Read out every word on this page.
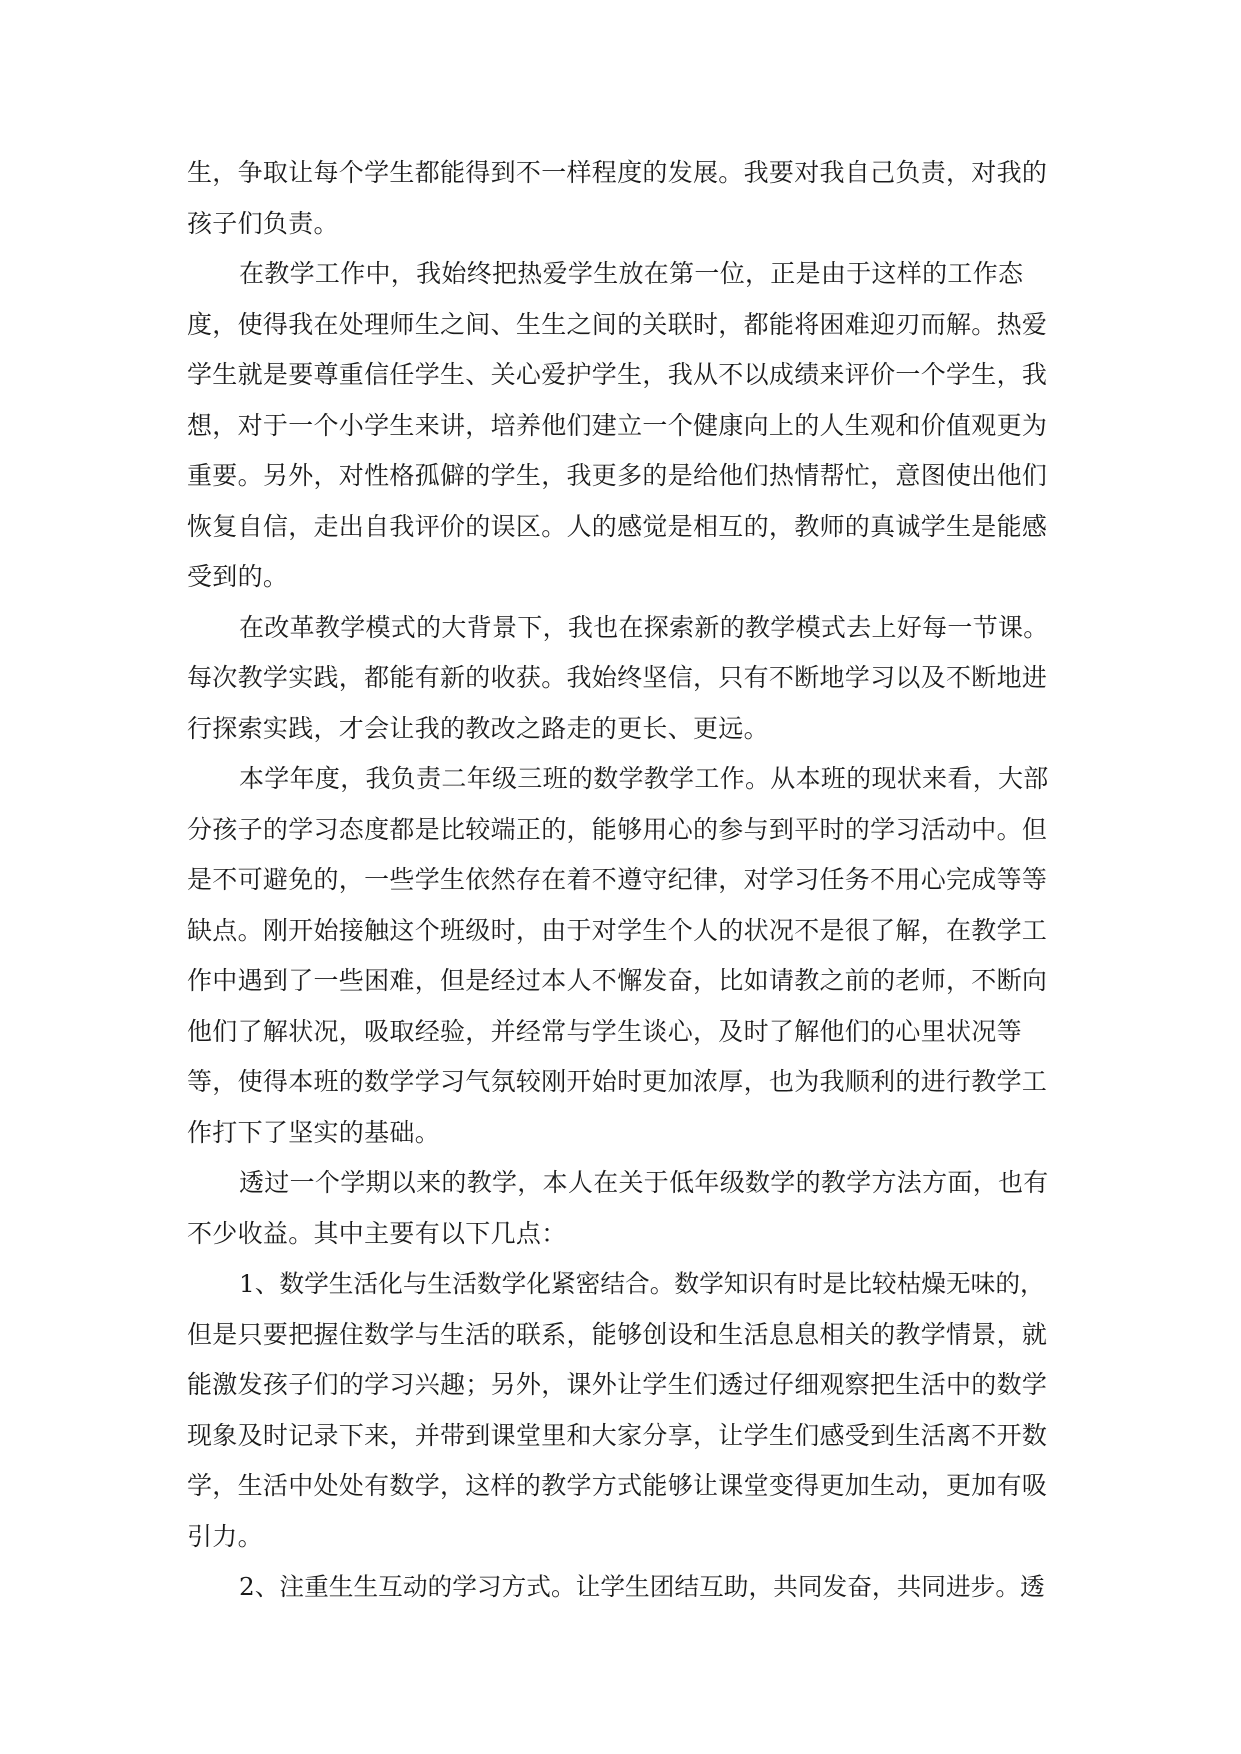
生，争取让每个学生都能得到不一样程度的发展。我要对我自己负责，对我的
孩子们负责。
在教学工作中，我始终把热爱学生放在第一位，正是由于这样的工作态
度，使得我在处理师生之间、生生之间的关联时，都能将困难迎刃而解。热爱
学生就是要尊重信任学生、关心爱护学生，我从不以成绩来评价一个学生，我
想，对于一个小学生来讲，培养他们建立一个健康向上的人生观和价值观更为
重要。另外，对性格孤僻的学生，我更多的是给他们热情帮忙，意图使出他们
恢复自信，走出自我评价的误区。人的感觉是相互的，教师的真诚学生是能感
受到的。
在改革教学模式的大背景下，我也在探索新的教学模式去上好每一节课。
每次教学实践，都能有新的收获。我始终坚信，只有不断地学习以及不断地进
行探索实践，才会让我的教改之路走的更长、更远。
本学年度，我负责二年级三班的数学教学工作。从本班的现状来看，大部
分孩子的学习态度都是比较端正的，能够用心的参与到平时的学习活动中。但
是不可避免的，一些学生依然存在着不遵守纪律，对学习任务不用心完成等等
缺点。刚开始接触这个班级时，由于对学生个人的状况不是很了解，在教学工
作中遇到了一些困难，但是经过本人不懈发奋，比如请教之前的老师，不断向
他们了解状况，吸取经验，并经常与学生谈心，及时了解他们的心里状况等
等，使得本班的数学学习气氛较刚开始时更加浓厚，也为我顺利的进行教学工
作打下了坚实的基础。
透过一个学期以来的教学，本人在关于低年级数学的教学方法方面，也有
不少收益。其中主要有以下几点：
1、数学生活化与生活数学化紧密结合。数学知识有时是比较枯燥无味的，
但是只要把握住数学与生活的联系，能够创设和生活息息相关的教学情景，就
能激发孩子们的学习兴趣；另外，课外让学生们透过仔细观察把生活中的数学
现象及时记录下来，并带到课堂里和大家分享，让学生们感受到生活离不开数
学，生活中处处有数学，这样的教学方式能够让课堂变得更加生动，更加有吸
引力。
2、注重生生互动的学习方式。让学生团结互助，共同发奋，共同进步。透
